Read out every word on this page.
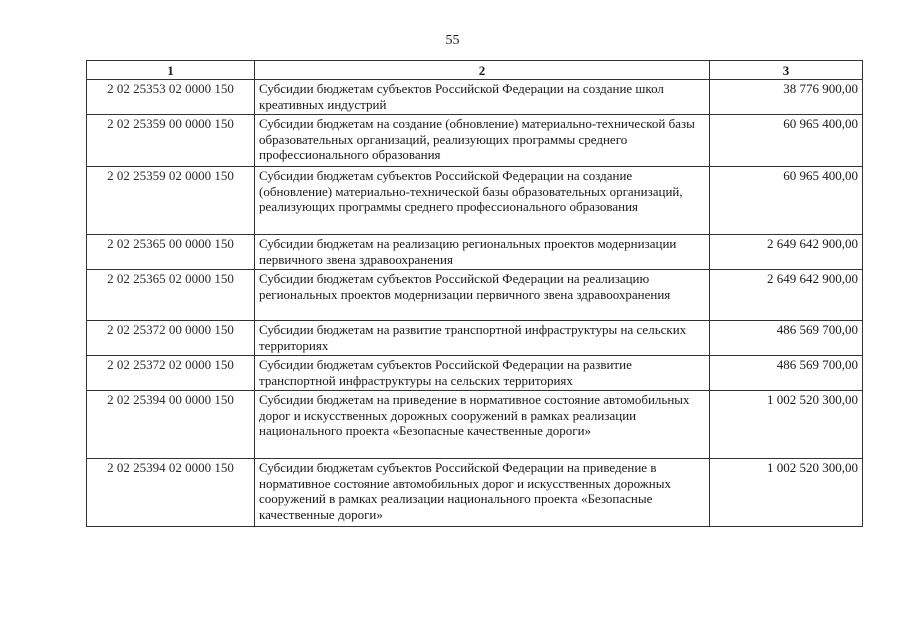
55
1	2	3
2 02 25353 02 0000 150	Субсидии бюджетам субъектов Российской Федерации на создание школ креативных индустрий	38 776 900,00
2 02 25359 00 0000 150	Субсидии бюджетам на создание (обновление) материально-технической базы образовательных организаций, реализующих программы среднего профессионального образования	60 965 400,00
2 02 25359 02 0000 150	Субсидии бюджетам субъектов Российской Федерации на создание (обновление) материально-технической базы образовательных организаций, реализующих программы среднего профессионального образования	60 965 400,00
2 02 25365 00 0000 150	Субсидии бюджетам на реализацию региональных проектов модернизации первичного звена здравоохранения	2 649 642 900,00
2 02 25365 02 0000 150	Субсидии бюджетам субъектов Российской Федерации на реализацию региональных проектов модернизации первичного звена здравоохранения	2 649 642 900,00
2 02 25372 00 0000 150	Субсидии бюджетам на развитие транспортной инфраструктуры на сельских территориях	486 569 700,00
2 02 25372 02 0000 150	Субсидии бюджетам субъектов Российской Федерации на развитие транспортной инфраструктуры на сельских территориях	486 569 700,00
2 02 25394 00 0000 150	Субсидии бюджетам на приведение в нормативное состояние автомобильных дорог и искусственных дорожных сооружений в рамках реализации национального проекта «Безопасные качественные дороги»	1 002 520 300,00
2 02 25394 02 0000 150	Субсидии бюджетам субъектов Российской Федерации на приведение в нормативное состояние автомобильных дорог и искусственных дорожных сооружений в рамках реализации национального проекта «Безопасные качественные дороги»	1 002 520 300,00
